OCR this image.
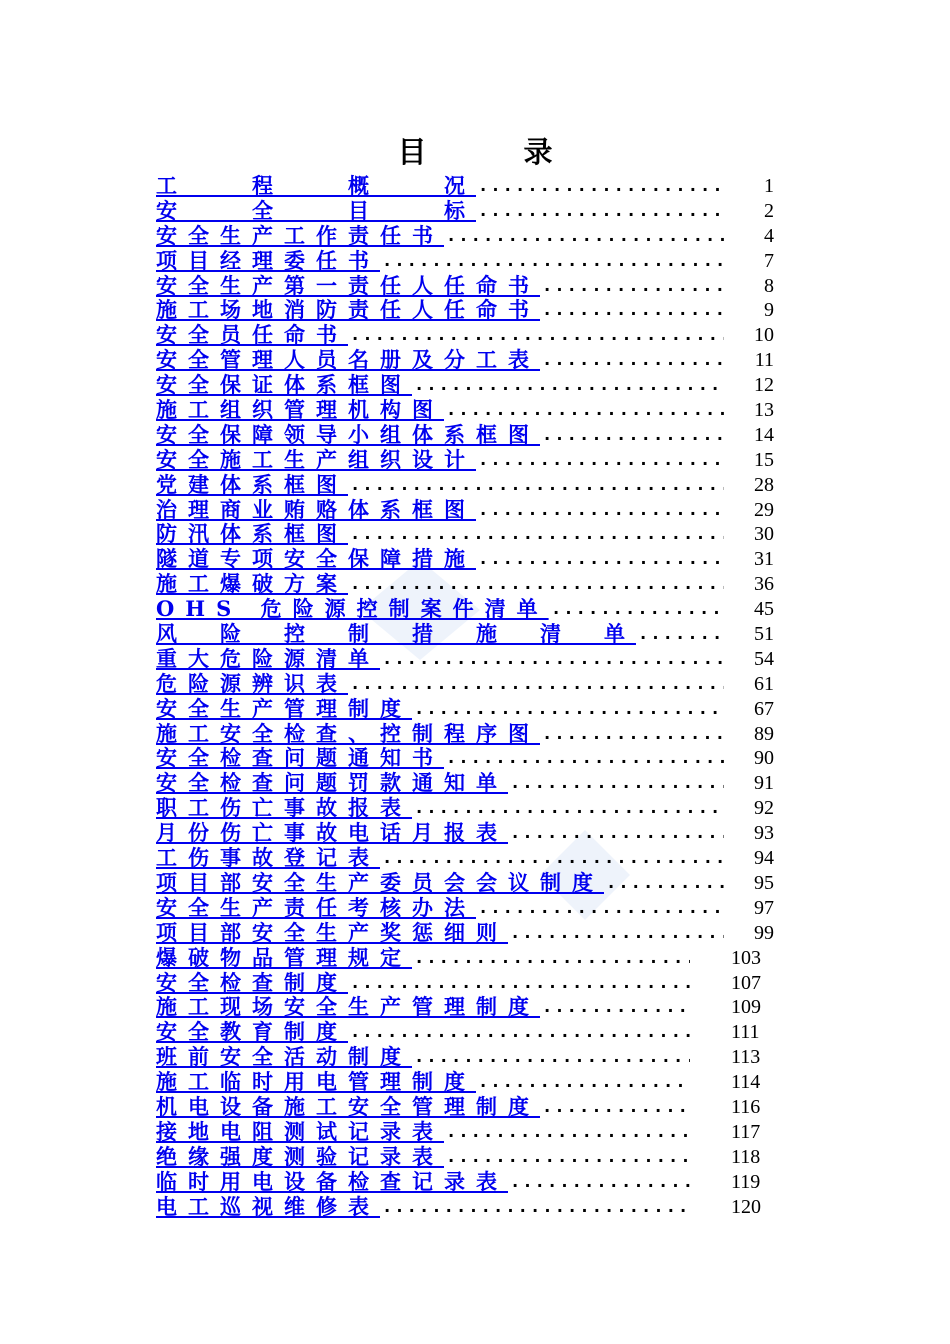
目　录
工　　程　　概　　况 .....	1
安　　全　　目　　标 .....	2
安全生产工作责任书 .....	4
项目经理委任书 .....	7
安全生产第一责任人任命书 .....	8
施工场地消防责任人任命书 .....	9
安全员任命书 .....	10
安全管理人员名册及分工表 .....	11
安全保证体系框图 .....	12
施工组织管理机构图 .....	13
安全保障领导小组体系框图 .....	14
安全施工生产组织设计 .....	15
党建体系框图 .....	28
治理商业贿赂体系框图 .....	29
防汛体系框图 .....	30
隧道专项安全保障措施 .....	31
施工爆破方案 .....	36
OHS 危险源控制案件清单 .....	45
风　险　控　制　措　施　清　单 .....	51
重大危险源清单 .....	54
危险源辨识表 .....	61
安全生产管理制度 .....	67
施工安全检查、控制程序图 .....	89
安全检查问题通知书 .....	90
安全检查问题罚款通知单 .....	91
职工伤亡事故报表 .....	92
月份伤亡事故电话月报表 .....	93
工伤事故登记表 .....	94
项目部安全生产委员会会议制度 .....	95
安全生产责任考核办法 .....	97
项目部安全生产奖惩细则 .....	99
爆破物品管理规定 .....	103
安全检查制度 .....	107
施工现场安全生产管理制度 .....	109
安全教育制度 .....	111
班前安全活动制度 .....	113
施工临时用电管理制度 .....	114
机电设备施工安全管理制度 .....	116
接地电阻测试记录表 .....	117
绝缘强度测验记录表 .....	118
临时用电设备检查记录表 .....	119
电工巡视维修表 .....	120
